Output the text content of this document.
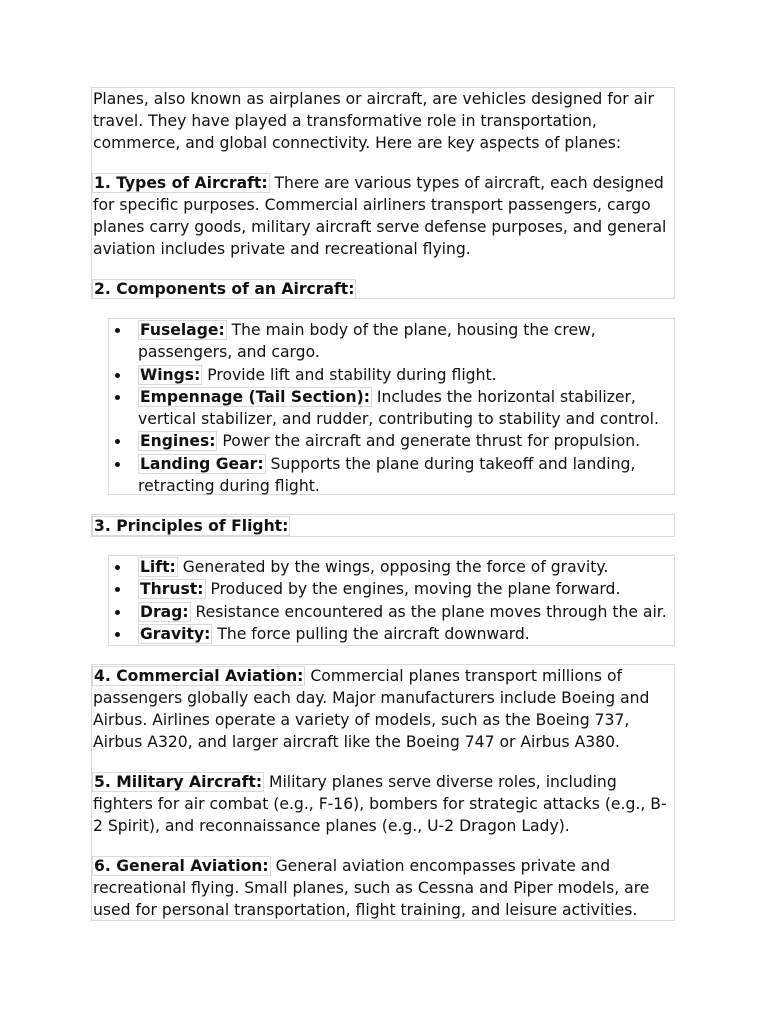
Planes, also known as airplanes or aircraft, are vehicles designed for air travel. They have played a transformative role in transportation, commerce, and global connectivity. Here are key aspects of planes:

1. Types of Aircraft: There are various types of aircraft, each designed for specific purposes. Commercial airliners transport passengers, cargo planes carry goods, military aircraft serve defense purposes, and general aviation includes private and recreational flying.

2. Components of an Aircraft:

Fuselage: The main body of the plane, housing the crew, passengers, and cargo.
Wings: Provide lift and stability during flight.
Empennage (Tail Section): Includes the horizontal stabilizer, vertical stabilizer, and rudder, contributing to stability and control.
Engines: Power the aircraft and generate thrust for propulsion.
Landing Gear: Supports the plane during takeoff and landing, retracting during flight.

3. Principles of Flight:

Lift: Generated by the wings, opposing the force of gravity.
Thrust: Produced by the engines, moving the plane forward.
Drag: Resistance encountered as the plane moves through the air.
Gravity: The force pulling the aircraft downward.

4. Commercial Aviation: Commercial planes transport millions of passengers globally each day. Major manufacturers include Boeing and Airbus. Airlines operate a variety of models, such as the Boeing 737, Airbus A320, and larger aircraft like the Boeing 747 or Airbus A380.

5. Military Aircraft: Military planes serve diverse roles, including fighters for air combat (e.g., F-16), bombers for strategic attacks (e.g., B-2 Spirit), and reconnaissance planes (e.g., U-2 Dragon Lady).

6. General Aviation: General aviation encompasses private and recreational flying. Small planes, such as Cessna and Piper models, are used for personal transportation, flight training, and leisure activities.
